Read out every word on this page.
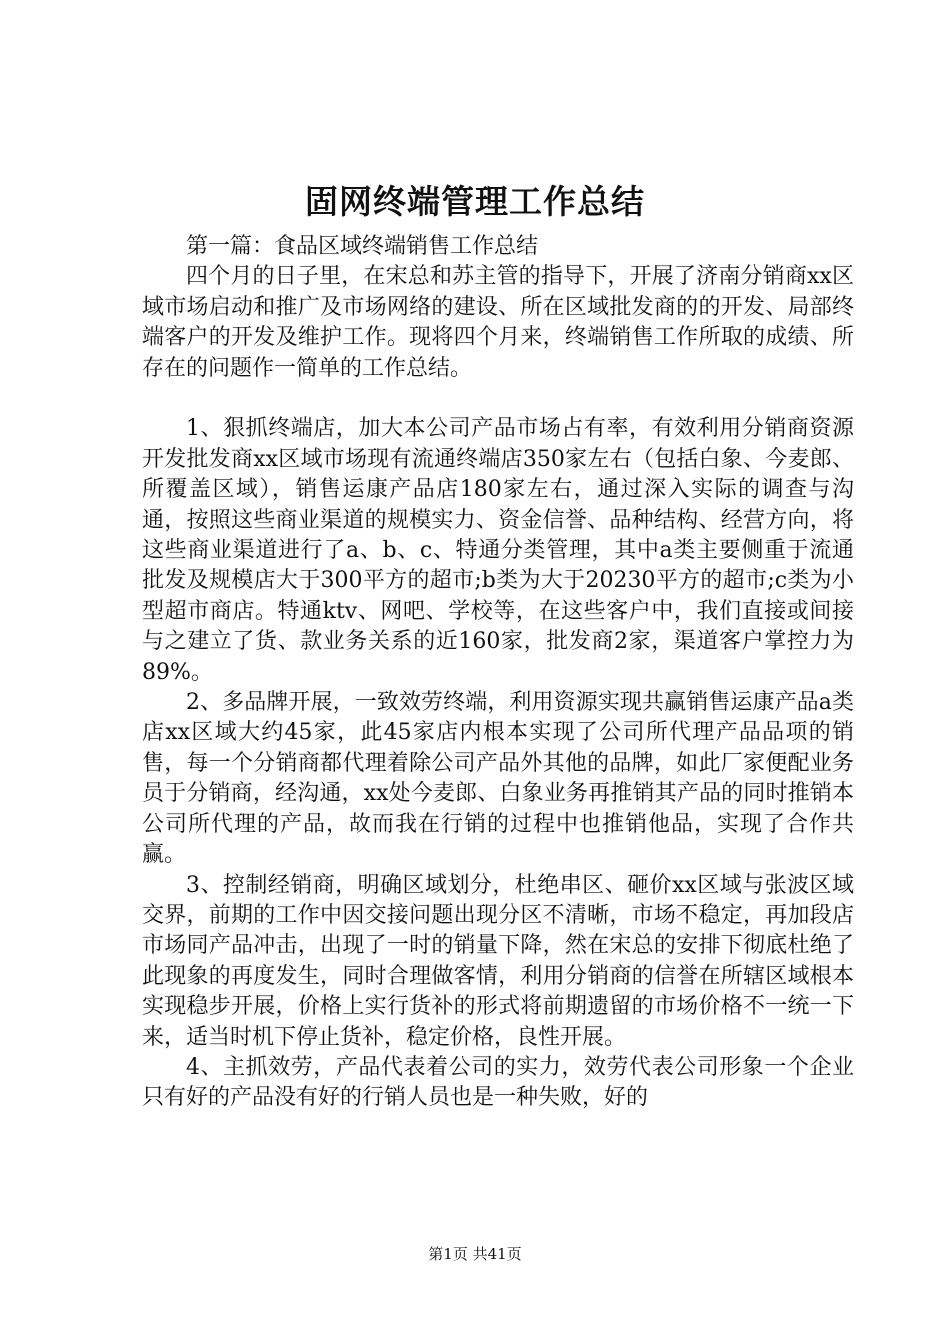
固网终端管理工作总结

第一篇：食品区域终端销售工作总结

四个月的日子里，在宋总和苏主管的指导下，开展了济南分销商xx区域市场启动和推广及市场网络的建设、所在区域批发商的的开发、局部终端客户的开发及维护工作。现将四个月来，终端销售工作所取的成绩、所存在的问题作一简单的工作总结。

1、狠抓终端店，加大本公司产品市场占有率，有效利用分销商资源开发批发商xx区域市场现有流通终端店350家左右（包括白象、今麦郎、所覆盖区域），销售运康产品店180家左右，通过深入实际的调查与沟通，按照这些商业渠道的规模实力、资金信誉、品种结构、经营方向，将这些商业渠道进行了a、b、c、特通分类管理，其中a类主要侧重于流通批发及规模店大于300平方的超市;b类为大于20230平方的超市;c类为小型超市商店。特通ktv、网吧、学校等，在这些客户中，我们直接或间接与之建立了货、款业务关系的近160家，批发商2家，渠道客户掌控力为89%。

2、多品牌开展，一致效劳终端，利用资源实现共赢销售运康产品a类店xx区域大约45家，此45家店内根本实现了公司所代理产品品项的销售，每一个分销商都代理着除公司产品外其他的品牌，如此厂家便配业务员于分销商，经沟通，xx处今麦郎、白象业务再推销其产品的同时推销本公司所代理的产品，故而我在行销的过程中也推销他品，实现了合作共赢。

3、控制经销商，明确区域划分，杜绝串区、砸价xx区域与张波区域交界，前期的工作中因交接问题出现分区不清晰，市场不稳定，再加段店市场同产品冲击，出现了一时的销量下降，然在宋总的安排下彻底杜绝了此现象的再度发生，同时合理做客情，利用分销商的信誉在所辖区域根本实现稳步开展，价格上实行货补的形式将前期遗留的市场价格不一统一下来，适当时机下停止货补，稳定价格，良性开展。

4、主抓效劳，产品代表着公司的实力，效劳代表公司形象一个企业只有好的产品没有好的行销人员也是一种失败，好的

第1页 共41页
